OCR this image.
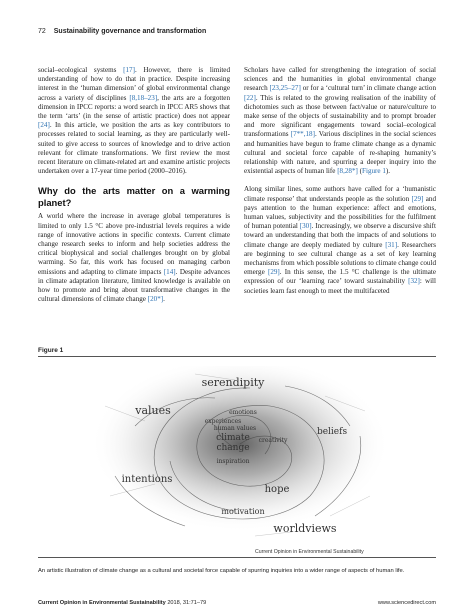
72 Sustainability governance and transformation

social–ecological systems [17]. However, there is limited understanding of how to do that in practice. Despite increasing interest in the ‘human dimension’ of global environmental change across a variety of disciplines [8,18–23], the arts are a forgotten dimension in IPCC reports: a word search in IPCC AR5 shows that the term ‘arts’ (in the sense of artistic practice) does not appear [24]. In this article, we position the arts as key contributors to processes related to social learning, as they are particularly well-suited to give access to sources of knowledge and to drive action relevant for climate transformations. We first review the most recent literature on climate-related art and examine artistic projects undertaken over a 17-year time period (2000–2016).

Why do the arts matter on a warming planet?

A world where the increase in average global temperatures is limited to only 1.5 °C above pre-industrial levels requires a wide range of innovative actions in specific contexts. Current climate change research seeks to inform and help societies address the critical biophysical and social challenges brought on by global warming. So far, this work has focused on managing carbon emissions and adapting to climate impacts [14]. Despite advances in climate adaptation literature, limited knowledge is available on how to promote and bring about transformative changes in the cultural dimensions of climate change [20*].

Scholars have called for strengthening the integration of social sciences and the humanities in global environmental change research [23,25–27] or for a ‘cultural turn’ in climate change action [22]. This is related to the growing realisation of the inability of dichotomies such as those between fact/value or nature/culture to make sense of the objects of sustainability and to prompt broader and more significant engagements toward social–ecological transformations [7**,18]. Various disciplines in the social sciences and humanities have begun to frame climate change as a dynamic cultural and societal force capable of re-shaping humanity’s relationship with nature, and spurring a deeper inquiry into the existential aspects of human life [8,28*] (Figure 1).

Along similar lines, some authors have called for a ‘humanistic climate response’ that understands people as the solution [29] and pays attention to the human experience: affect and emotions, human values, subjectivity and the possibilities for the fulfilment of human potential [30]. Increasingly, we observe a discursive shift toward an understanding that both the impacts of and solutions to climate change are deeply mediated by culture [31]. Researchers are beginning to see cultural change as a set of key learning mechanisms from which possible solutions to climate change could emerge [29]. In this sense, the 1.5 °C challenge is the ultimate expression of our ‘learning race’ toward sustainability [32]: will societies learn fast enough to meet the multifaceted

Figure 1
serendipity
values	emotions
experiences
human values
climate
change
creativity
inspiration
beliefs
intentions
hope
motivation
worldviews
Current Opinion in Environmental Sustainability
An artistic illustration of climate change as a cultural and societal force capable of spurring inquiries into a wider range of aspects of human life.
Current Opinion in Environmental Sustainability 2018, 31:71–79	www.sciencedirect.com
